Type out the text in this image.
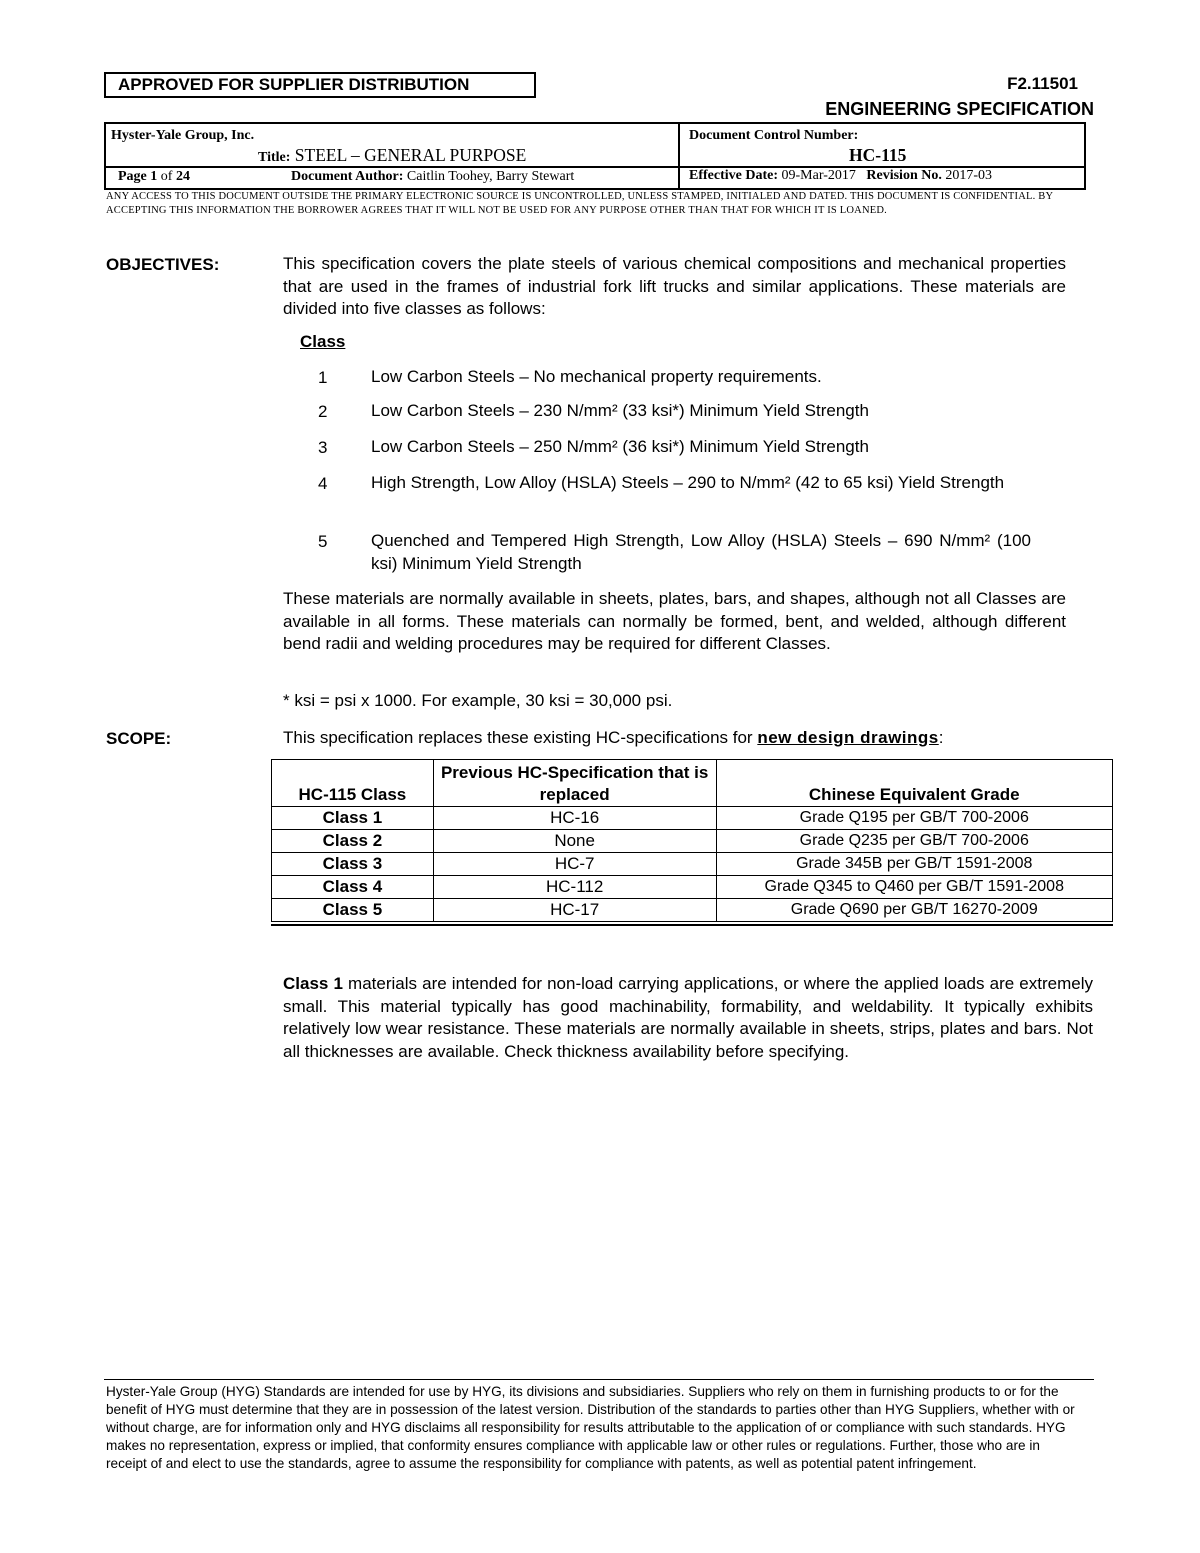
APPROVED FOR SUPPLIER DISTRIBUTION	F2.11501
ENGINEERING SPECIFICATION
Hyster-Yale Group, Inc.
Title: STEEL – GENERAL PURPOSE
Document Control Number:
HC-115
Page 1 of 24	Document Author: Caitlin Toohey, Barry Stewart	Effective Date: 09-Mar-2017 Revision No. 2017-03
ANY ACCESS TO THIS DOCUMENT OUTSIDE THE PRIMARY ELECTRONIC SOURCE IS UNCONTROLLED, UNLESS STAMPED, INITIALED AND DATED. THIS DOCUMENT IS CONFIDENTIAL. BY ACCEPTING THIS INFORMATION THE BORROWER AGREES THAT IT WILL NOT BE USED FOR ANY PURPOSE OTHER THAN THAT FOR WHICH IT IS LOANED.
OBJECTIVES:	This specification covers the plate steels of various chemical compositions and mechanical properties that are used in the frames of industrial fork lift trucks and similar applications. These materials are divided into five classes as follows:
Class
1	Low Carbon Steels – No mechanical property requirements.
2	Low Carbon Steels – 230 N/mm² (33 ksi*) Minimum Yield Strength
3	Low Carbon Steels – 250 N/mm² (36 ksi*) Minimum Yield Strength
4	High Strength, Low Alloy (HSLA) Steels – 290 to N/mm² (42 to 65 ksi) Yield Strength
5	Quenched and Tempered High Strength, Low Alloy (HSLA) Steels – 690 N/mm² (100 ksi) Minimum Yield Strength
These materials are normally available in sheets, plates, bars, and shapes, although not all Classes are available in all forms. These materials can normally be formed, bent, and welded, although different bend radii and welding procedures may be required for different Classes.
* ksi = psi x 1000. For example, 30 ksi = 30,000 psi.
SCOPE:	This specification replaces these existing HC-specifications for new design drawings:
HC-115 Class	Previous HC-Specification that is replaced	Chinese Equivalent Grade
Class 1	HC-16	Grade Q195 per GB/T 700-2006
Class 2	None	Grade Q235 per GB/T 700-2006
Class 3	HC-7	Grade 345B per GB/T 1591-2008
Class 4	HC-112	Grade Q345 to Q460 per GB/T 1591-2008
Class 5	HC-17	Grade Q690 per GB/T 16270-2009
Class 1 materials are intended for non-load carrying applications, or where the applied loads are extremely small. This material typically has good machinability, formability, and weldability. It typically exhibits relatively low wear resistance. These materials are normally available in sheets, strips, plates and bars. Not all thicknesses are available. Check thickness availability before specifying.
Hyster-Yale Group (HYG) Standards are intended for use by HYG, its divisions and subsidiaries. Suppliers who rely on them in furnishing products to or for the benefit of HYG must determine that they are in possession of the latest version. Distribution of the standards to parties other than HYG Suppliers, whether with or without charge, are for information only and HYG disclaims all responsibility for results attributable to the application of or compliance with such standards. HYG makes no representation, express or implied, that conformity ensures compliance with applicable law or other rules or regulations. Further, those who are in receipt of and elect to use the standards, agree to assume the responsibility for compliance with patents, as well as potential patent infringement.
